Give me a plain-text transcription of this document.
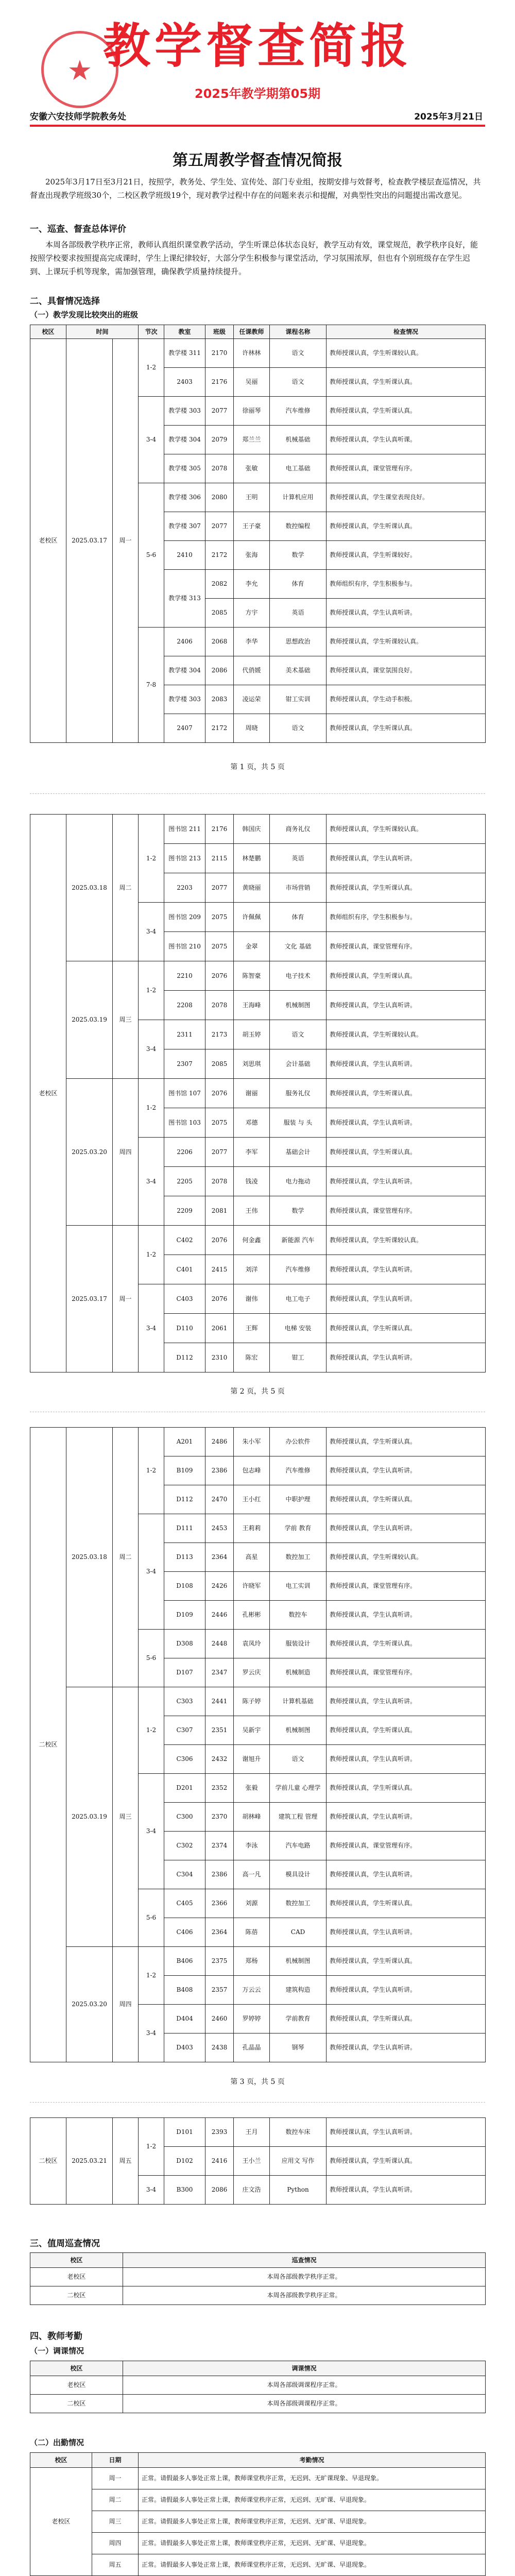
★ 教学督查简报
2025年教学期第05期
安徽六安技师学院教务处	2025年3月21日
第五周教学督查情况简报
2025年3月17日至3月21日，按照学，教务处、学生处、宣传处、部门专业组，按期安排与效督考，检查教学楼层查巡情况，共督查出现教学班级30个，二校区教学班级19个，现对教学过程中存在的问题来表示和提醒，对典型性突出的问题提出需改意见。
一、巡查、督查总体评价
本周各部级教学秩序正常，教师认真组织课堂教学活动，学生听课总体状态良好，教学互动有效，课堂规范，教学秩序良好，能按照学校要求按照提高完成课时，学生上课纪律较好，大部分学生积极参与课堂活动，学习氛围浓厚，但也有个别班级存在学生迟到、上课玩手机等现象，需加强管理，确保教学质量持续提升。
二、具督情况选择
（一）教学发现比较突出的班级
校区	时间		节次	教室	班级	任课教师	课程名称	检查情况
老校区	2025.03.17	周一	1-2	教学楼 311	2170	许林林	语文	教师授课认真，学生听课较认真。
				2403	2176	吴丽	语文	教师授课认真，学生听课认真。
			3-4	教学楼 303	2077	徐丽琴	汽车维修	教师授课认真，学生听课认真。
				教学楼 304	2079	郑兰兰	机械基础	教师授课认真，学生认真听课。
				教学楼 305	2078	张敏	电工基础	教师授课认真，课堂管理有序。
			5-6	教学楼 306	2080	王明	计算机应用	教师授课认真，学生课堂表现良好。
				教学楼 307	2077	王子豪	数控编程	教师授课认真，学生听课认真。
				2410	2172	张海	数学	教师授课认真，学生听课较好。
				教学楼 313	2082	李允	体育	教师组织有序，学生积极参与。
					2085	方宇	英语	教师授课认真，学生认真听讲。
			7-8	2406	2068	李华	思想政治	教师授课认真，学生听课较认真。
				教学楼 304	2086	代俏媛	美术基础	教师授课认真，课堂氛围良好。
				教学楼 303	2083	凌运荣	钳工实训	教师授课认真，学生动手积极。
				2407	2172	周晓	语文	教师授课认真，学生听课认真。
第 1 页，共 5 页
老校区	2025.03.18	周二	1-2	图书馆 211	2176	韩国庆	商务礼仪	教师授课认真，学生听课较认真。
				图书馆 213	2115	林楚鹏	英语	教师授课认真，学生认真听讲。
				2203	2077	黄晓丽	市场营销	教师授课认真，学生听课认真。
			3-4	图书馆 209	2075	许佩佩	体育	教师组织有序，学生积极参与。
				图书馆 210	2075	金翠	文化 基础	教师授课认真，课堂管理有序。
	2025.03.19	周三	1-2	2210	2076	陈智豪	电子技术	教师授课认真，学生听课认真。
				2208	2078	王海峰	机械制图	教师授课认真，学生认真听讲。
			3-4	2311	2173	胡玉婷	语文	教师授课认真，学生听课较认真。
				2307	2085	刘思琪	会计基础	教师授课认真，学生认真听讲。
	2025.03.20	周四	1-2	图书馆 107	2076	谢丽	服务礼仪	教师授课认真，学生听课认真。
				图书馆 103	2075	邓德	服装 与 头	教师授课认真，学生认真听讲。
			3-4	2206	2077	李军	基础会计	教师授课认真，学生听课认真。
				2205	2078	钱凌	电力拖动	教师授课认真，学生认真听讲。
				2209	2081	王伟	数学	教师授课认真，课堂管理有序。
	2025.03.17	周一	1-2	C402	2076	何金鑫	新能源 汽车	教师授课认真，学生听课较认真。
				C401	2415	刘洋	汽车维修	教师授课认真，学生认真听讲。
			3-4	C403	2076	谢伟	电工电子	教师授课认真，学生认真听讲。
				D110	2061	王辉	电梯 安装	教师授课认真，学生听课认真。
				D112	2310	陈宏	钳工	教师授课认真，学生认真听讲。
第 2 页，共 5 页
二校区	2025.03.18	周二	1-2	A201	2486	朱小军	办公软件	教师授课认真，学生听课认真。
				B109	2386	包志峰	汽车维修	教师授课认真，学生认真听讲。
				D112	2470	王小红	中职护理	教师授课认真，学生听课认真。
			3-4	D111	2453	王莉莉	学前 教育	教师授课认真，学生认真听讲。
				D113	2364	高星	数控加工	教师授课认真，学生听课较认真。
				D108	2426	许晓军	电工实训	教师授课认真，课堂管理有序。
				D109	2446	孔彬彬	数控车	教师授课认真，学生认真听讲。
			5-6	D308	2448	袁凤玲	服装设计	教师授课认真，学生听课认真。
				D107	2347	罗云庆	机械制造	教师授课认真，课堂管理有序。
	2025.03.19	周三	1-2	C303	2441	陈子婷	计算机基础	教师授课认真，学生认真听讲。
				C307	2351	吴新宇	机械制图	教师授课认真，学生听课认真。
				C306	2432	谢旭升	语文	教师授课认真，学生认真听讲。
			3-4	D201	2352	张毅	学前儿童 心理学	教师授课认真，学生听课认真。
				C300	2370	胡林峰	建筑工程 管理	教师授课认真，学生认真听讲。
				C302	2374	李泳	汽车电路	教师授课认真，课堂管理有序。
				C304	2386	高一凡	模具设计	教师授课认真，学生认真听讲。
			5-6	C405	2366	刘源	数控加工	教师授课认真，学生听课认真。
				C406	2364	陈蓓	CAD	教师授课认真，学生认真听讲。
	2025.03.20	周四	1-2	B406	2375	郑杨	机械制图	教师授课认真，学生听课认真。
				B408	2357	万云云	建筑构造	教师授课认真，学生认真听讲。
			3-4	D404	2460	罗婷婷	学前教育	教师授课认真，学生听课认真。
				D403	2438	孔晶晶	钢琴	教师授课认真，学生认真听讲。
第 3 页，共 5 页
二校区	2025.03.21	周五	1-2	D101	2393	王月	数控车床	教师授课认真，学生认真听讲。
				D102	2416	王小兰	应用文 写作	教师授课认真，学生听课认真。
			3-4	B300	2086	庄文浩	Python	教师授课认真，学生认真听讲。
三、值周巡查情况
校区	巡查情况
老校区	本周各部级教学秩序正常。
二校区	本周各部级教学秩序正常。
四、教师考勤
（一）调课情况
校区	调课情况
老校区	本周各部级调课程序正常。
二校区	本周各部级调课程序正常。
（二）出勤情况
校区	日期	考勤情况
老校区	周一	正常。请假最多人事处正常上课，教师课堂秩序正常，无迟到、无旷课现象、早退现象。
	周二	正常。请假最多人事处正常上课，教师课堂秩序正常，无迟到、无旷课、早退现象。
	周三	正常。请假最多人事处正常上课，教师课堂秩序正常，无迟到、无旷课、早退现象。
	周四	正常。请假最多人事处正常上课，教师课堂秩序正常，无迟到、无旷课、早退现象。
	周五	正常。请假最多人事处正常上课，教师课堂秩序正常，无迟到、无旷课、早退现象。
